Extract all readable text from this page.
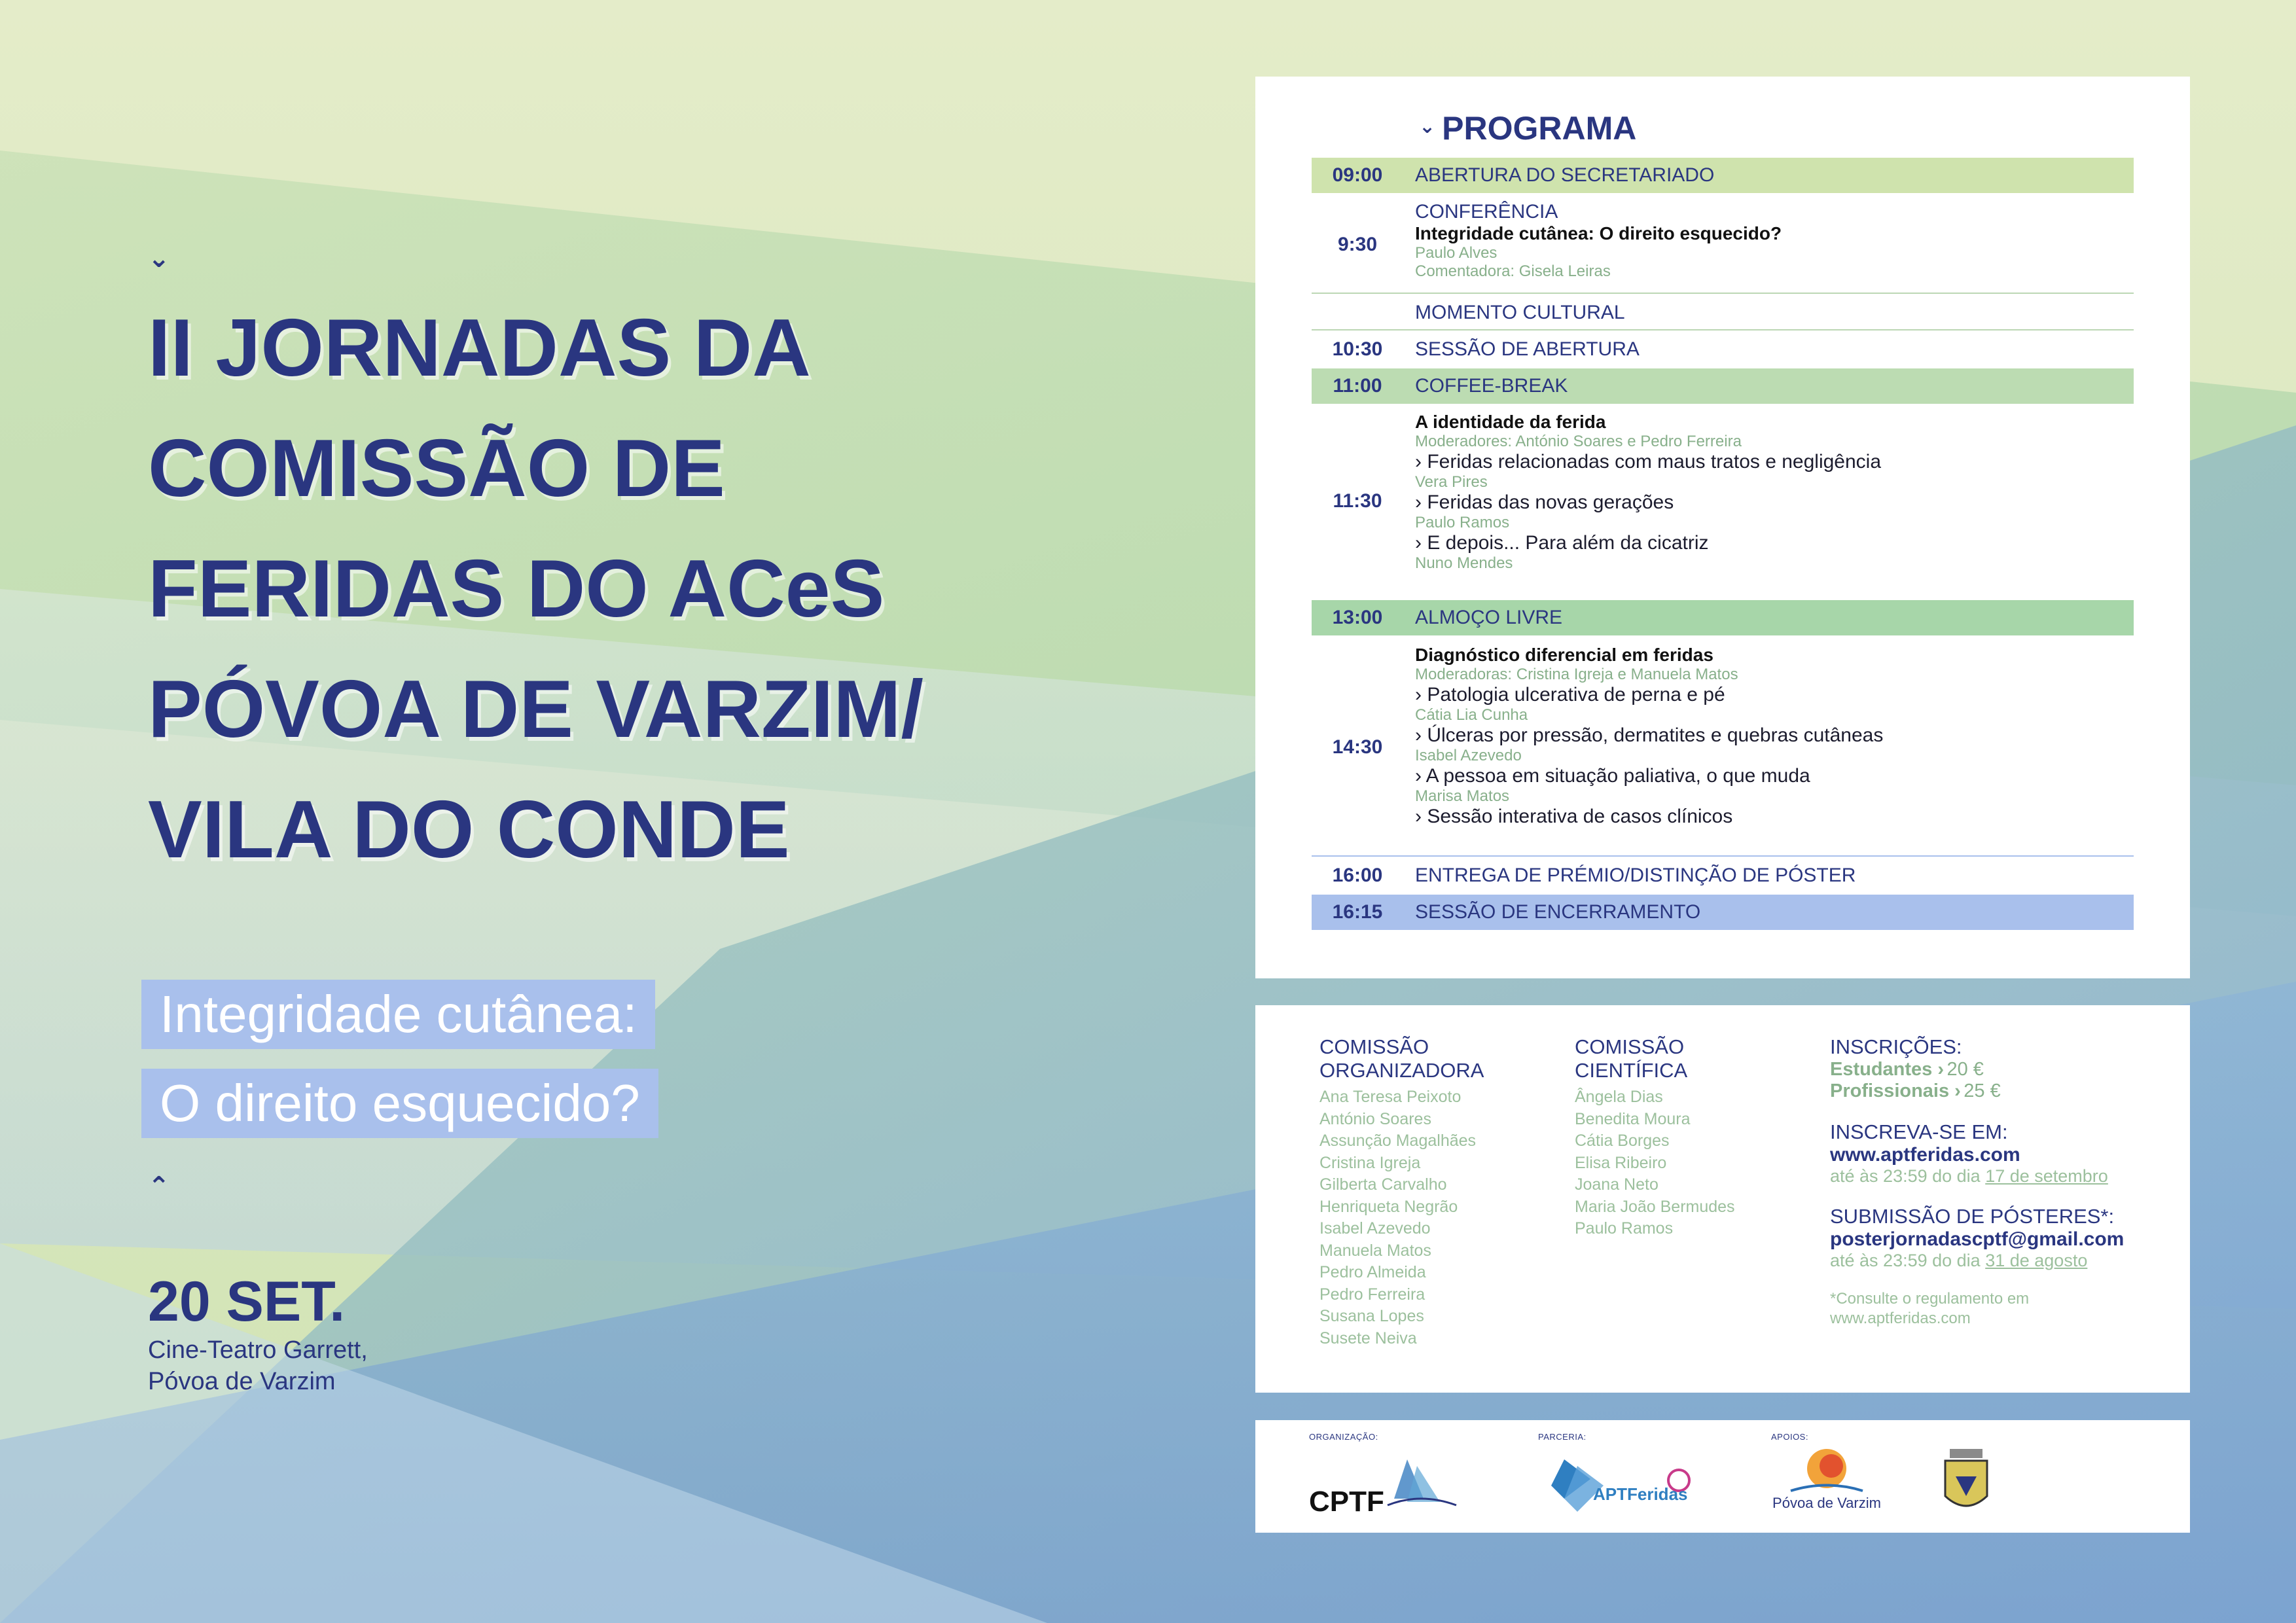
⌄
II JORNADAS DA
COMISSÃO DE
FERIDAS DO ACeS
PÓVOA DE VARZIM/
VILA DO CONDE
Integridade cutânea:
O direito esquecido?
⌃
20 SET.
Cine-Teatro Garrett,
Póvoa de Varzim
⌄ PROGRAMA
09:00	ABERTURA DO SECRETARIADO
9:30
CONFERÊNCIA
Integridade cutânea: O direito esquecido?
Paulo Alves
Comentadora: Gisela Leiras
MOMENTO CULTURAL
10:30	SESSÃO DE ABERTURA
11:00	COFFEE-BREAK
11:30
A identidade da ferida
Moderadores: António Soares e Pedro Ferreira
› Feridas relacionadas com maus tratos e negligência
Vera Pires
› Feridas das novas gerações
Paulo Ramos
› E depois... Para além da cicatriz
Nuno Mendes
13:00	ALMOÇO LIVRE
14:30
Diagnóstico diferencial em feridas
Moderadoras: Cristina Igreja e Manuela Matos
› Patologia ulcerativa de perna e pé
Cátia Lia Cunha
› Úlceras por pressão, dermatites e quebras cutâneas
Isabel Azevedo
› A pessoa em situação paliativa, o que muda
Marisa Matos
› Sessão interativa de casos clínicos
16:00	ENTREGA DE PRÉMIO/DISTINÇÃO DE PÓSTER
16:15	SESSÃO DE ENCERRAMENTO
COMISSÃO
ORGANIZADORA
Ana Teresa Peixoto
António Soares
Assunção Magalhães
Cristina Igreja
Gilberta Carvalho
Henriqueta Negrão
Isabel Azevedo
Manuela Matos
Pedro Almeida
Pedro Ferreira
Susana Lopes
Susete Neiva
COMISSÃO
CIENTÍFICA
Ângela Dias
Benedita Moura
Cátia Borges
Elisa Ribeiro
Joana Neto
Maria João Bermudes
Paulo Ramos
INSCRIÇÕES:
Estudantes › 20 €
Profissionais › 25 €
INSCREVA-SE EM:
www.aptferidas.com
até às 23:59 do dia 17 de setembro
SUBMISSÃO DE PÓSTERES*:
posterjornadascptf@gmail.com
até às 23:59 do dia 31 de agosto
*Consulte o regulamento em
www.aptferidas.com
ORGANIZAÇÃO:	PARCERIA:	APOIOS:
CPTF	APTFeridas	Póvoa de Varzim
